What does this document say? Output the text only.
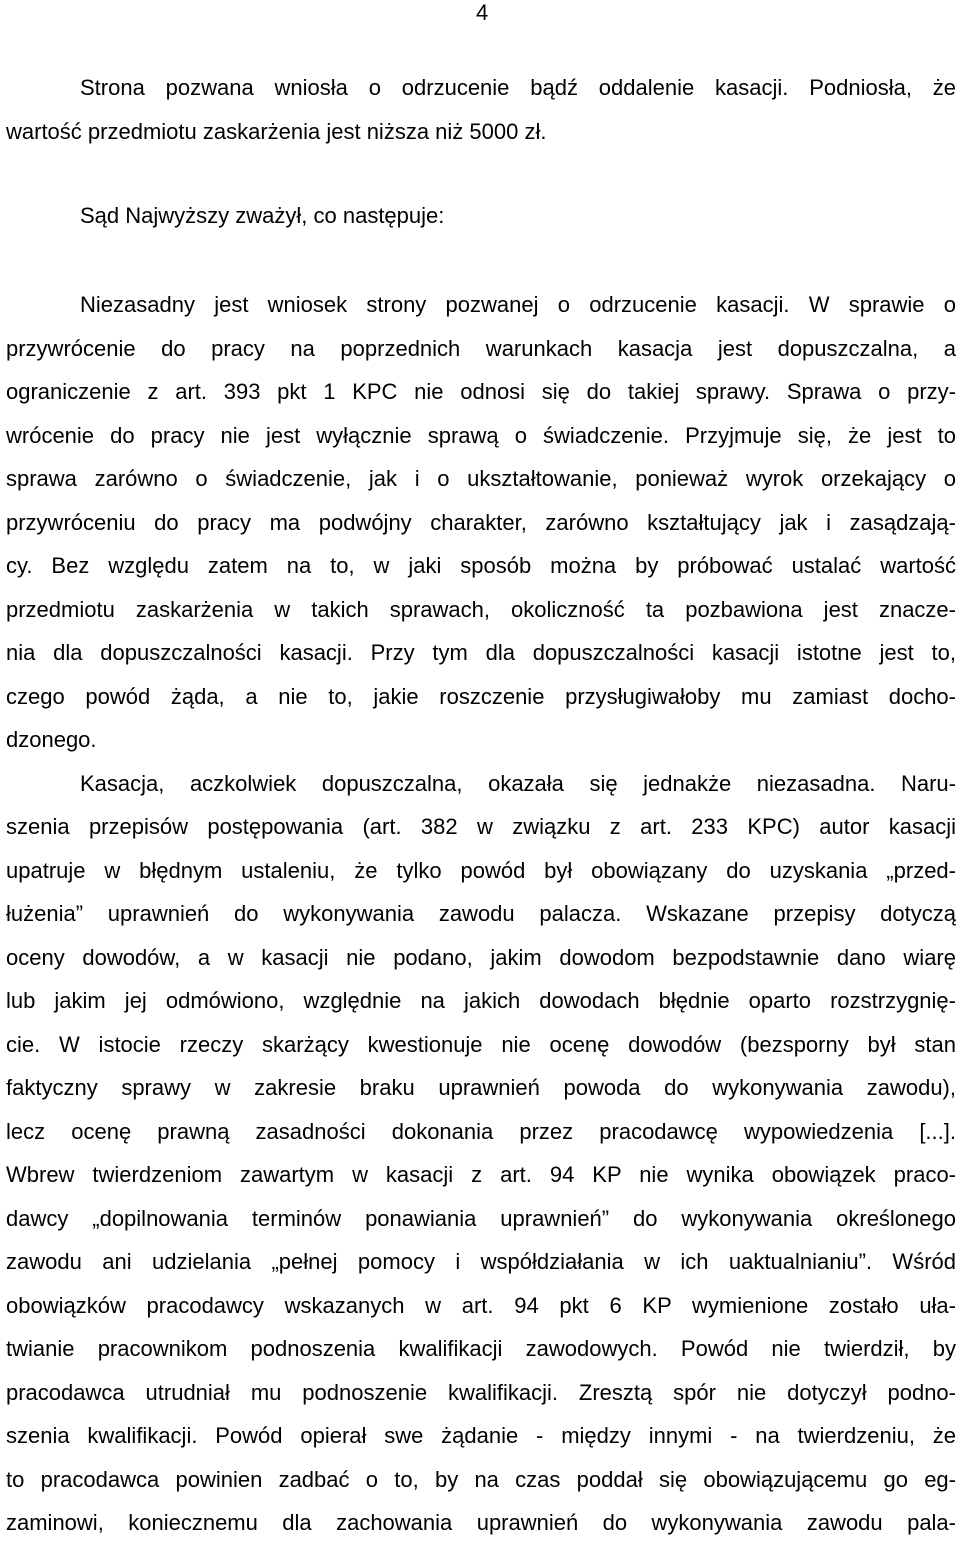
4
Strona pozwana wniosła o odrzucenie bądź oddalenie kasacji. Podniosła, że
wartość przedmiotu zaskarżenia jest niższa niż 5000 zł.
Sąd Najwyższy zważył, co następuje:
Niezasadny jest wniosek strony pozwanej o odrzucenie kasacji. W sprawie o
przywrócenie do pracy na poprzednich warunkach kasacja jest dopuszczalna, a
ograniczenie z art. 393 pkt 1 KPC nie odnosi się do takiej sprawy. Sprawa o przy-
wrócenie do pracy nie jest wyłącznie sprawą o świadczenie. Przyjmuje się, że jest to
sprawa zarówno o świadczenie, jak i o ukształtowanie, ponieważ wyrok orzekający o
przywróceniu do pracy ma podwójny charakter, zarówno kształtujący jak i zasądzają-
cy. Bez względu zatem na to, w jaki sposób można by próbować ustalać wartość
przedmiotu zaskarżenia w takich sprawach, okoliczność ta pozbawiona jest znacze-
nia dla dopuszczalności kasacji. Przy tym dla dopuszczalności kasacji istotne jest to,
czego powód żąda, a nie to, jakie roszczenie przysługiwałoby mu zamiast docho-
dzonego.
Kasacja, aczkolwiek dopuszczalna, okazała się jednakże niezasadna. Naru-
szenia przepisów postępowania (art. 382 w związku z art. 233 KPC) autor kasacji
upatruje w błędnym ustaleniu, że tylko powód był obowiązany do uzyskania „przed-
łużenia” uprawnień do wykonywania zawodu palacza. Wskazane przepisy dotyczą
oceny dowodów, a w kasacji nie podano, jakim dowodom bezpodstawnie dano wiarę
lub jakim jej odmówiono, względnie na jakich dowodach błędnie oparto rozstrzygnię-
cie. W istocie rzeczy skarżący kwestionuje nie ocenę dowodów (bezsporny był stan
faktyczny sprawy w zakresie braku uprawnień powoda do wykonywania zawodu),
lecz ocenę prawną zasadności dokonania przez pracodawcę wypowiedzenia [...].
Wbrew twierdzeniom zawartym w kasacji z art. 94 KP nie wynika obowiązek praco-
dawcy „dopilnowania terminów ponawiania uprawnień” do wykonywania określonego
zawodu ani udzielania „pełnej pomocy i współdziałania w ich uaktualnianiu”. Wśród
obowiązków pracodawcy wskazanych w art. 94 pkt 6 KP wymienione zostało uła-
twianie pracownikom podnoszenia kwalifikacji zawodowych. Powód nie twierdził, by
pracodawca utrudniał mu podnoszenie kwalifikacji. Zresztą spór nie dotyczył podno-
szenia kwalifikacji. Powód opierał swe żądanie - między innymi - na twierdzeniu, że
to pracodawca powinien zadbać o to, by na czas poddał się obowiązującemu go eg-
zaminowi, koniecznemu dla zachowania uprawnień do wykonywania zawodu pala-
